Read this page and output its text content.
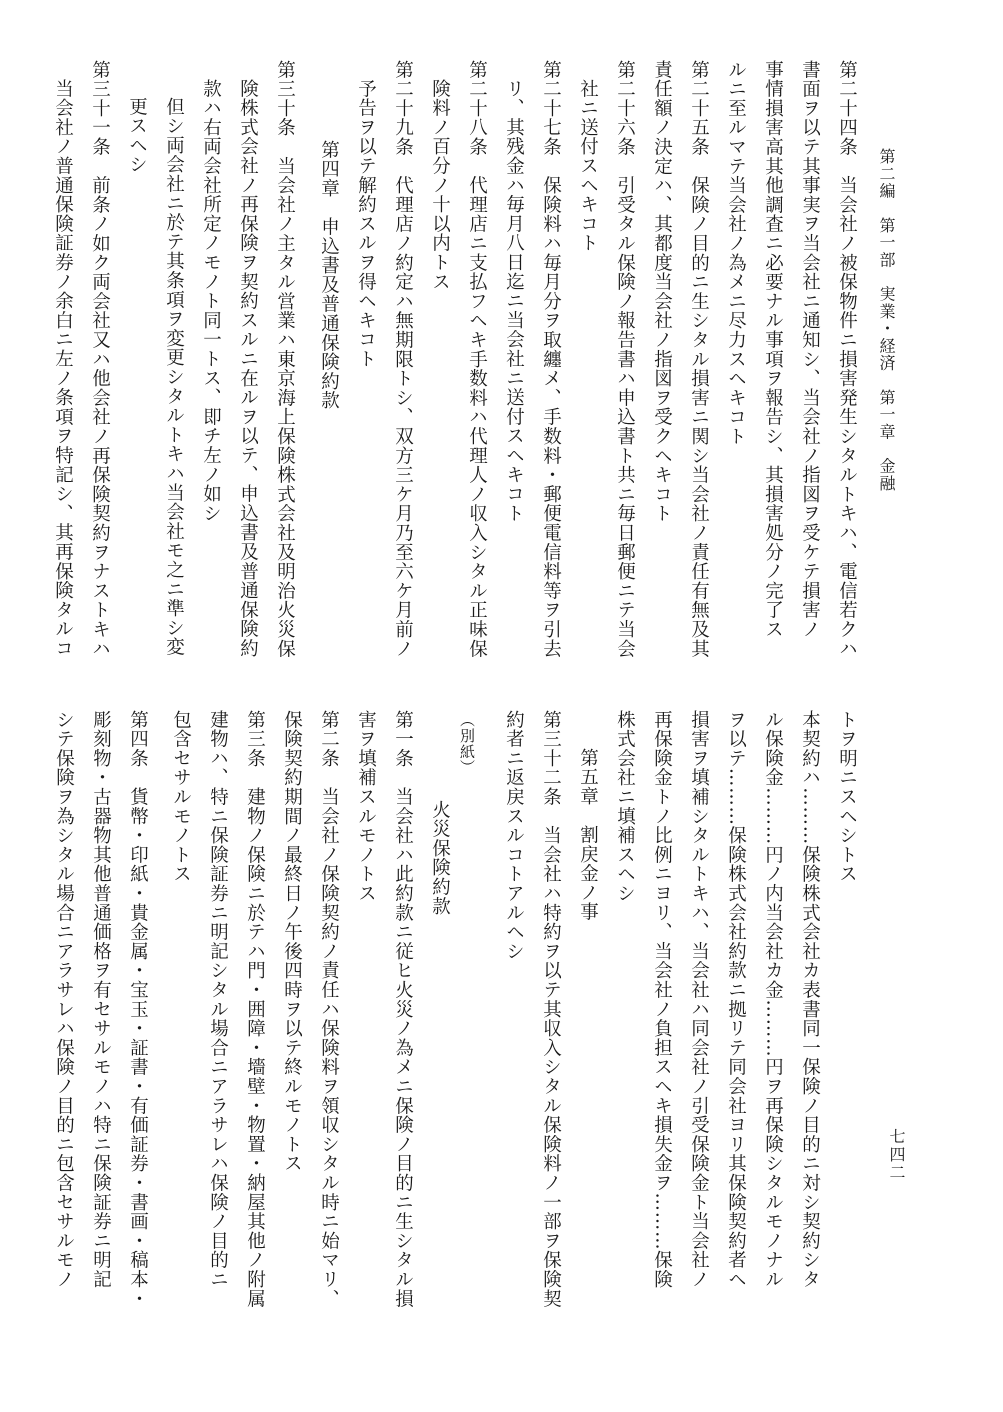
第二編　第一部　実業・経済　第一章　金融
七四二
第二十四条　当会社ノ被保物件ニ損害発生シタルトキハ、電信若クハ
書面ヲ以テ其事実ヲ当会社ニ通知シ、当会社ノ指図ヲ受ケテ損害ノ
事情損害高其他調査ニ必要ナル事項ヲ報告シ、其損害処分ノ完了ス
ルニ至ルマテ当会社ノ為メニ尽力スヘキコト
第二十五条　保険ノ目的ニ生シタル損害ニ関シ当会社ノ責任有無及其
責任額ノ決定ハ、其都度当会社ノ指図ヲ受クヘキコト
第二十六条　引受タル保険ノ報告書ハ申込書ト共ニ毎日郵便ニテ当会
社ニ送付スヘキコト
第二十七条　保険料ハ毎月分ヲ取纏メ、手数料・郵便電信料等ヲ引去
リ、其残金ハ毎月八日迄ニ当会社ニ送付スヘキコト
第二十八条　代理店ニ支払フヘキ手数料ハ代理人ノ収入シタル正味保
険料ノ百分ノ十以内トス
第二十九条　代理店ノ約定ハ無期限トシ、双方三ケ月乃至六ケ月前ノ
予告ヲ以テ解約スルヲ得ヘキコト
第四章　申込書及普通保険約款
第三十条　当会社ノ主タル営業ハ東京海上保険株式会社及明治火災保
険株式会社ノ再保険ヲ契約スルニ在ルヲ以テ、申込書及普通保険約
款ハ右両会社所定ノモノト同一トス、即チ左ノ如シ
但シ両会社ニ於テ其条項ヲ変更シタルトキハ当会社モ之ニ準シ変
更スヘシ
第三十一条　前条ノ如ク両会社又ハ他会社ノ再保険契約ヲナストキハ
当会社ノ普通保険証券ノ余白ニ左ノ条項ヲ特記シ、其再保険タルコ
トヲ明ニスヘシトス
本契約ハ………保険株式会社カ表書同一保険ノ目的ニ対シ契約シタ
ル保険金………円ノ内当会社カ金………円ヲ再保険シタルモノナル
ヲ以テ………保険株式会社約款ニ拠リテ同会社ヨリ其保険契約者ヘ
損害ヲ填補シタルトキハ、当会社ハ同会社ノ引受保険金ト当会社ノ
再保険金トノ比例ニヨリ、当会社ノ負担スヘキ損失金ヲ………保険
株式会社ニ填補スヘシ
第五章　割戻金ノ事
第三十二条　当会社ハ特約ヲ以テ其収入シタル保険料ノ一部ヲ保険契
約者ニ返戻スルコトアルヘシ
（別紙）
火災保険約款
第一条　当会社ハ此約款ニ従ヒ火災ノ為メニ保険ノ目的ニ生シタル損
害ヲ填補スルモノトス
第二条　当会社ノ保険契約ノ責任ハ保険料ヲ領収シタル時ニ始マリ、
保険契約期間ノ最終日ノ午後四時ヲ以テ終ルモノトス
第三条　建物ノ保険ニ於テハ門・囲障・墻壁・物置・納屋其他ノ附属
建物ハ、特ニ保険証券ニ明記シタル場合ニアラサレハ保険ノ目的ニ
包含セサルモノトス
第四条　貨幣・印紙・貴金属・宝玉・証書・有価証券・書画・稿本・
彫刻物・古器物其他普通価格ヲ有セサルモノハ特ニ保険証券ニ明記
シテ保険ヲ為シタル場合ニアラサレハ保険ノ目的ニ包含セサルモノ
